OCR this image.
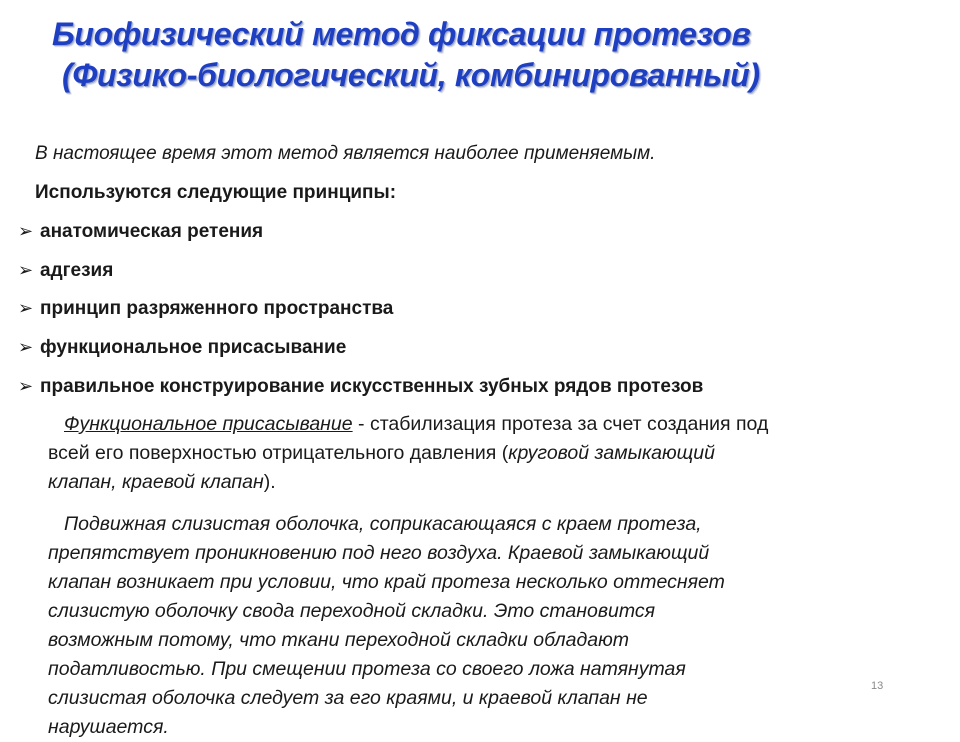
Биофизический метод фиксации протезов
(Физико-биологический, комбинированный)
В настоящее время этот метод является наиболее применяемым.
Используются следующие принципы:
➢ анатомическая ретения
➢ адгезия
➢ принцип разряженного пространства
➢ функциональное присасывание
➢ правильное конструирование искусственных зубных рядов протезов
Функциональное присасывание - стабилизация протеза за счет создания под
всей его поверхностью отрицательного давления (круговой замыкающий
клапан, краевой клапан).
Подвижная слизистая оболочка, соприкасающаяся с краем протеза,
препятствует проникновению под него воздуха. Краевой замыкающий
клапан возникает при условии, что край протеза несколько оттесняет
слизистую оболочку свода переходной складки. Это становится
возможным потому, что ткани переходной складки обладают
податливостью. При смещении протеза со своего ложа натянутая
слизистая оболочка следует за его краями, и краевой клапан не
нарушается.
13
